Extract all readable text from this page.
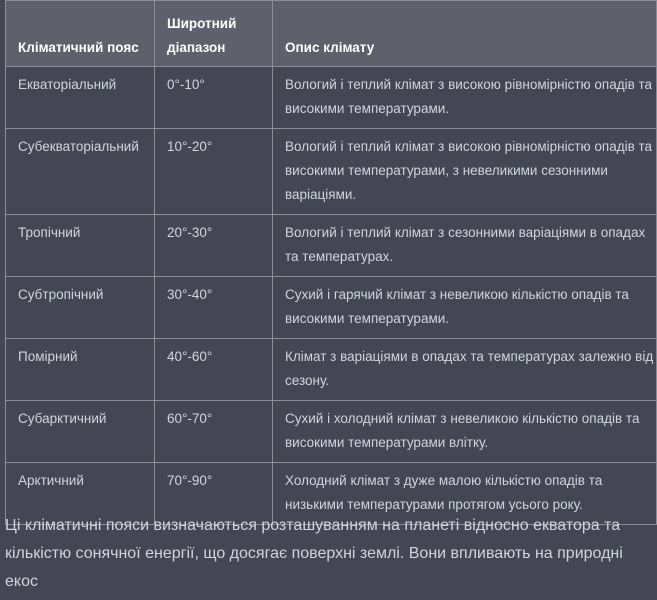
Кліматичний пояс	Широтний діапазон	Опис клімату
Екваторіальний	0°-10°	Вологий і теплий клімат з високою рівномірністю опадів та високими температурами.
Субекваторіальний	10°-20°	Вологий і теплий клімат з високою рівномірністю опадів та високими температурами, з невеликими сезонними варіаціями.
Тропічний	20°-30°	Вологий і теплий клімат з сезонними варіаціями в опадах та температурах.
Субтропічний	30°-40°	Сухий і гарячий клімат з невеликою кількістю опадів та високими температурами.
Помірний	40°-60°	Клімат з варіаціями в опадах та температурах залежно від сезону.
Субарктичний	60°-70°	Сухий і холодний клімат з невеликою кількістю опадів та високими температурами влітку.
Арктичний	70°-90°	Холодний клімат з дуже малою кількістю опадів та низькими температурами протягом усього року.

Ці кліматичні пояси визначаються розташуванням на планеті відносно екватора та кількістю сонячної енергії, що досягає поверхні землі. Вони впливають на природні екос
